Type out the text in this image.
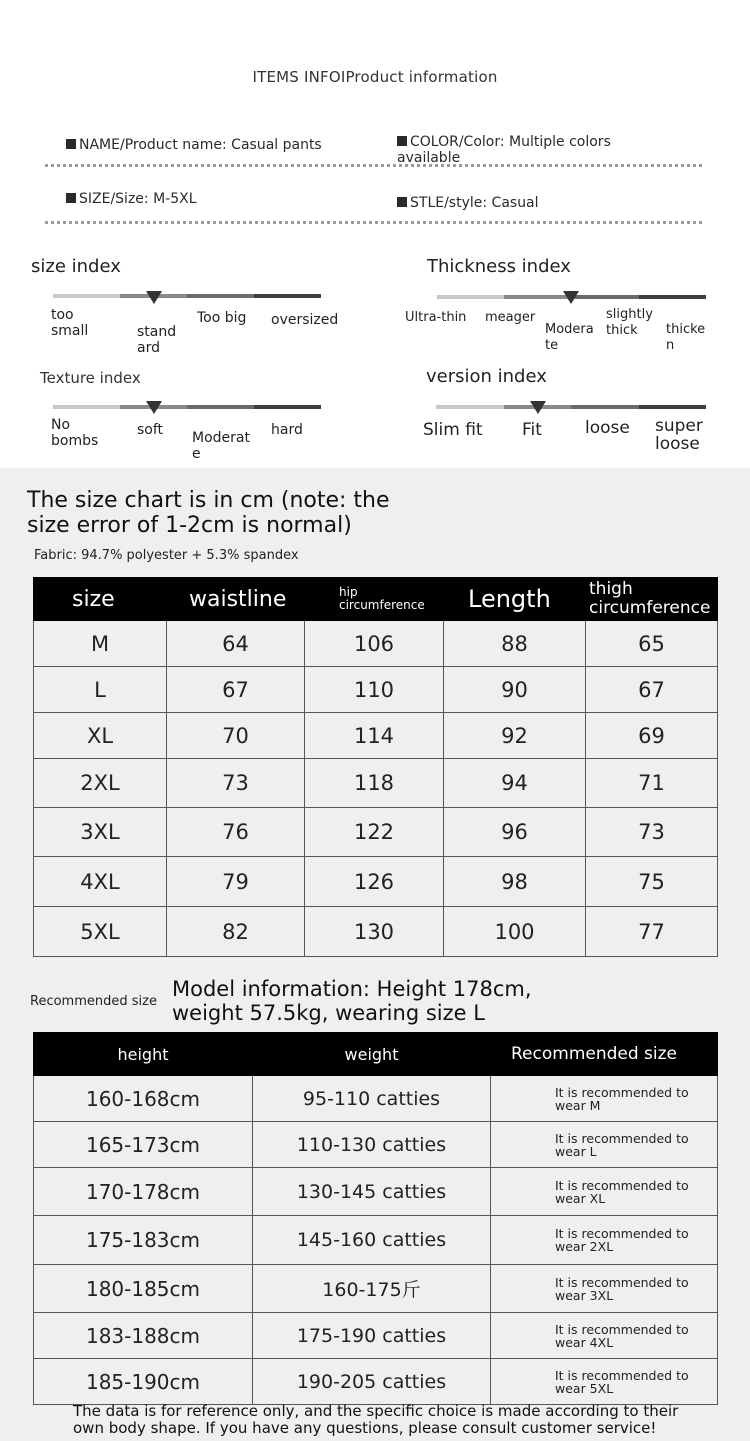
ITEMS INFOIProduct information
NAME/Product name: Casual pants	COLOR/Color: Multiple colors available
SIZE/Size: M-5XL	STLE/style: Casual
size index
too small	stand ard
Too big oversized
Thickness index
Ultra-thin meager
Modera te
slightly thick	thicke n
Texture index
No bombs
soft Moderat e
hard
version index
Slim fit Fit	loose super loose
The size chart is in cm (note: the size error of 1-2cm is normal)
Fabric: 94.7% polyester + 5.3% spandex
size	waistline	hip circumference	Length	thigh circumference
M	64	106	88	65
L	67	110	90	67
XL	70	114	92	69
2XL	73	118	94	71
3XL	76	122	96	73
4XL	79	126	98	75
5XL	82	130	100	77
Recommended size
Model information: Height 178cm, weight 57.5kg, wearing size L
height	weight	Recommended size
160-168cm	95-110 catties	It is recommended to wear M
165-173cm	110-130 catties	It is recommended to wear L
170-178cm	130-145 catties	It is recommended to wear XL
175-183cm	145-160 catties	It is recommended to wear 2XL
180-185cm	160-175斤	It is recommended to wear 3XL
183-188cm	175-190 catties	It is recommended to wear 4XL
185-190cm	190-205 catties	It is recommended to wear 5XL
The data is for reference only, and the specific choice is made according to their own body shape. If you have any questions, please consult customer service!
